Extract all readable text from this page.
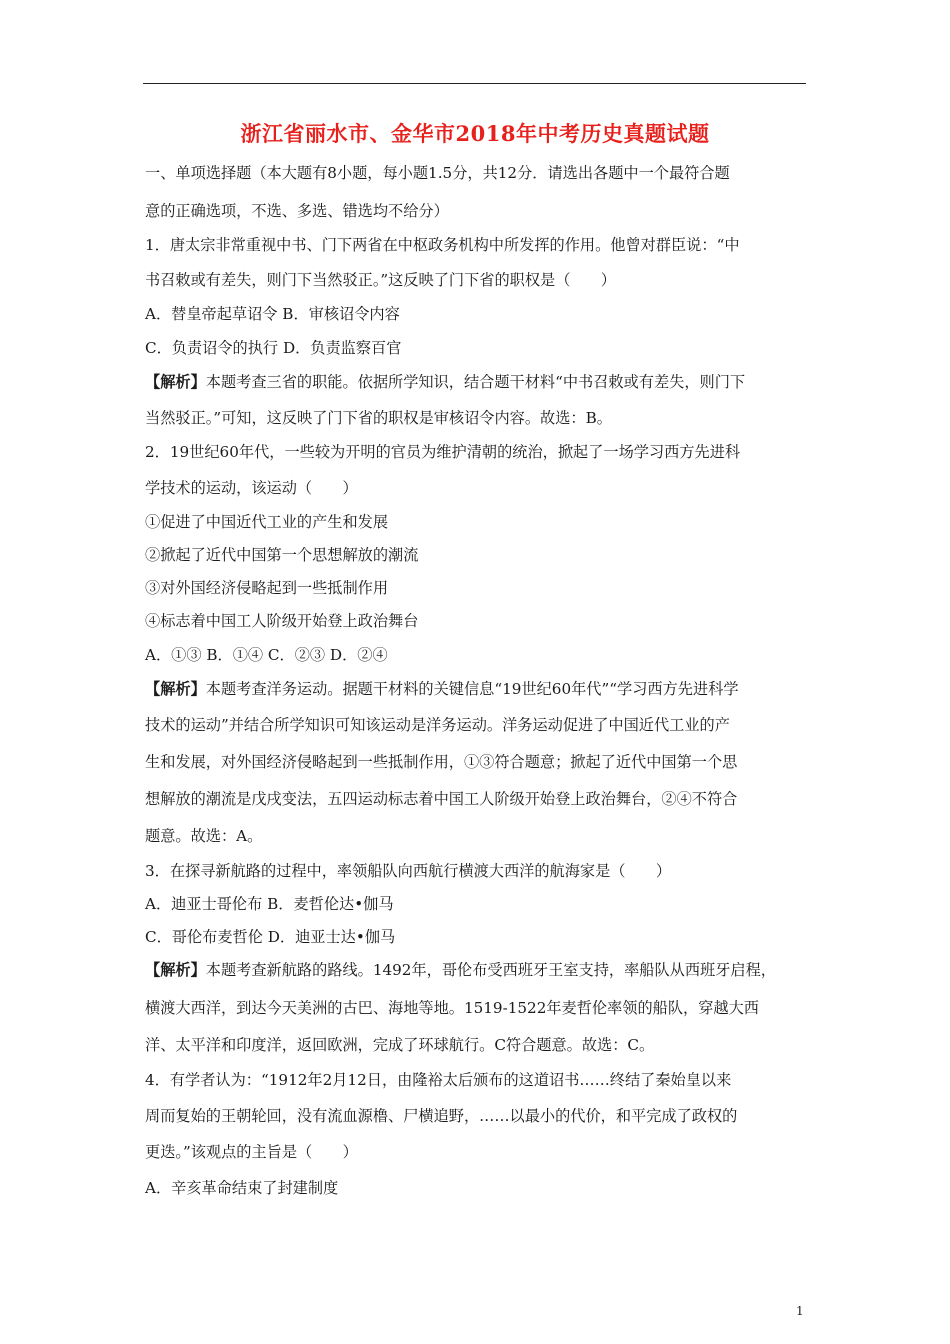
浙江省丽水市、金华市2018年中考历史真题试题
一、单项选择题（本大题有8小题，每小题1.5分，共12分．请选出各题中一个最符合题
意的正确选项，不选、多选、错选均不给分）
1．唐太宗非常重视中书、门下两省在中枢政务机构中所发挥的作用。他曾对群臣说：“中
书召敕或有差失，则门下当然驳正。”这反映了门下省的职权是（　　）
A．替皇帝起草诏令 B．审核诏令内容
C．负责诏令的执行 D．负责监察百官
【解析】本题考查三省的职能。依据所学知识，结合题干材料“中书召敕或有差失，则门下
当然驳正。”可知，这反映了门下省的职权是审核诏令内容。故选：B。
2．19世纪60年代，一些较为开明的官员为维护清朝的统治，掀起了一场学习西方先进科
学技术的运动，该运动（　　）
①促进了中国近代工业的产生和发展
②掀起了近代中国第一个思想解放的潮流
③对外国经济侵略起到一些抵制作用
④标志着中国工人阶级开始登上政治舞台
A．①③ B．①④ C．②③ D．②④
【解析】本题考查洋务运动。据题干材料的关键信息“19世纪60年代”“学习西方先进科学
技术的运动”并结合所学知识可知该运动是洋务运动。洋务运动促进了中国近代工业的产
生和发展，对外国经济侵略起到一些抵制作用，①③符合题意；掀起了近代中国第一个思
想解放的潮流是戊戌变法，五四运动标志着中国工人阶级开始登上政治舞台，②④不符合
题意。故选：A。
3．在探寻新航路的过程中，率领船队向西航行横渡大西洋的航海家是（　　）
A．迪亚士哥伦布 B．麦哲伦达•伽马
C．哥伦布麦哲伦 D．迪亚士达•伽马
【解析】本题考查新航路的路线。1492年，哥伦布受西班牙王室支持，率船队从西班牙启程，
横渡大西洋，到达今天美洲的古巴、海地等地。1519-1522年麦哲伦率领的船队，穿越大西
洋、太平洋和印度洋，返回欧洲，完成了环球航行。C符合题意。故选：C。
4．有学者认为：“1912年2月12日，由隆裕太后颁布的这道诏书……终结了秦始皇以来
周而复始的王朝轮回，没有流血源橹、尸横追野，……以最小的代价，和平完成了政权的
更迭。”该观点的主旨是（　　）
A．辛亥革命结束了封建制度
1
